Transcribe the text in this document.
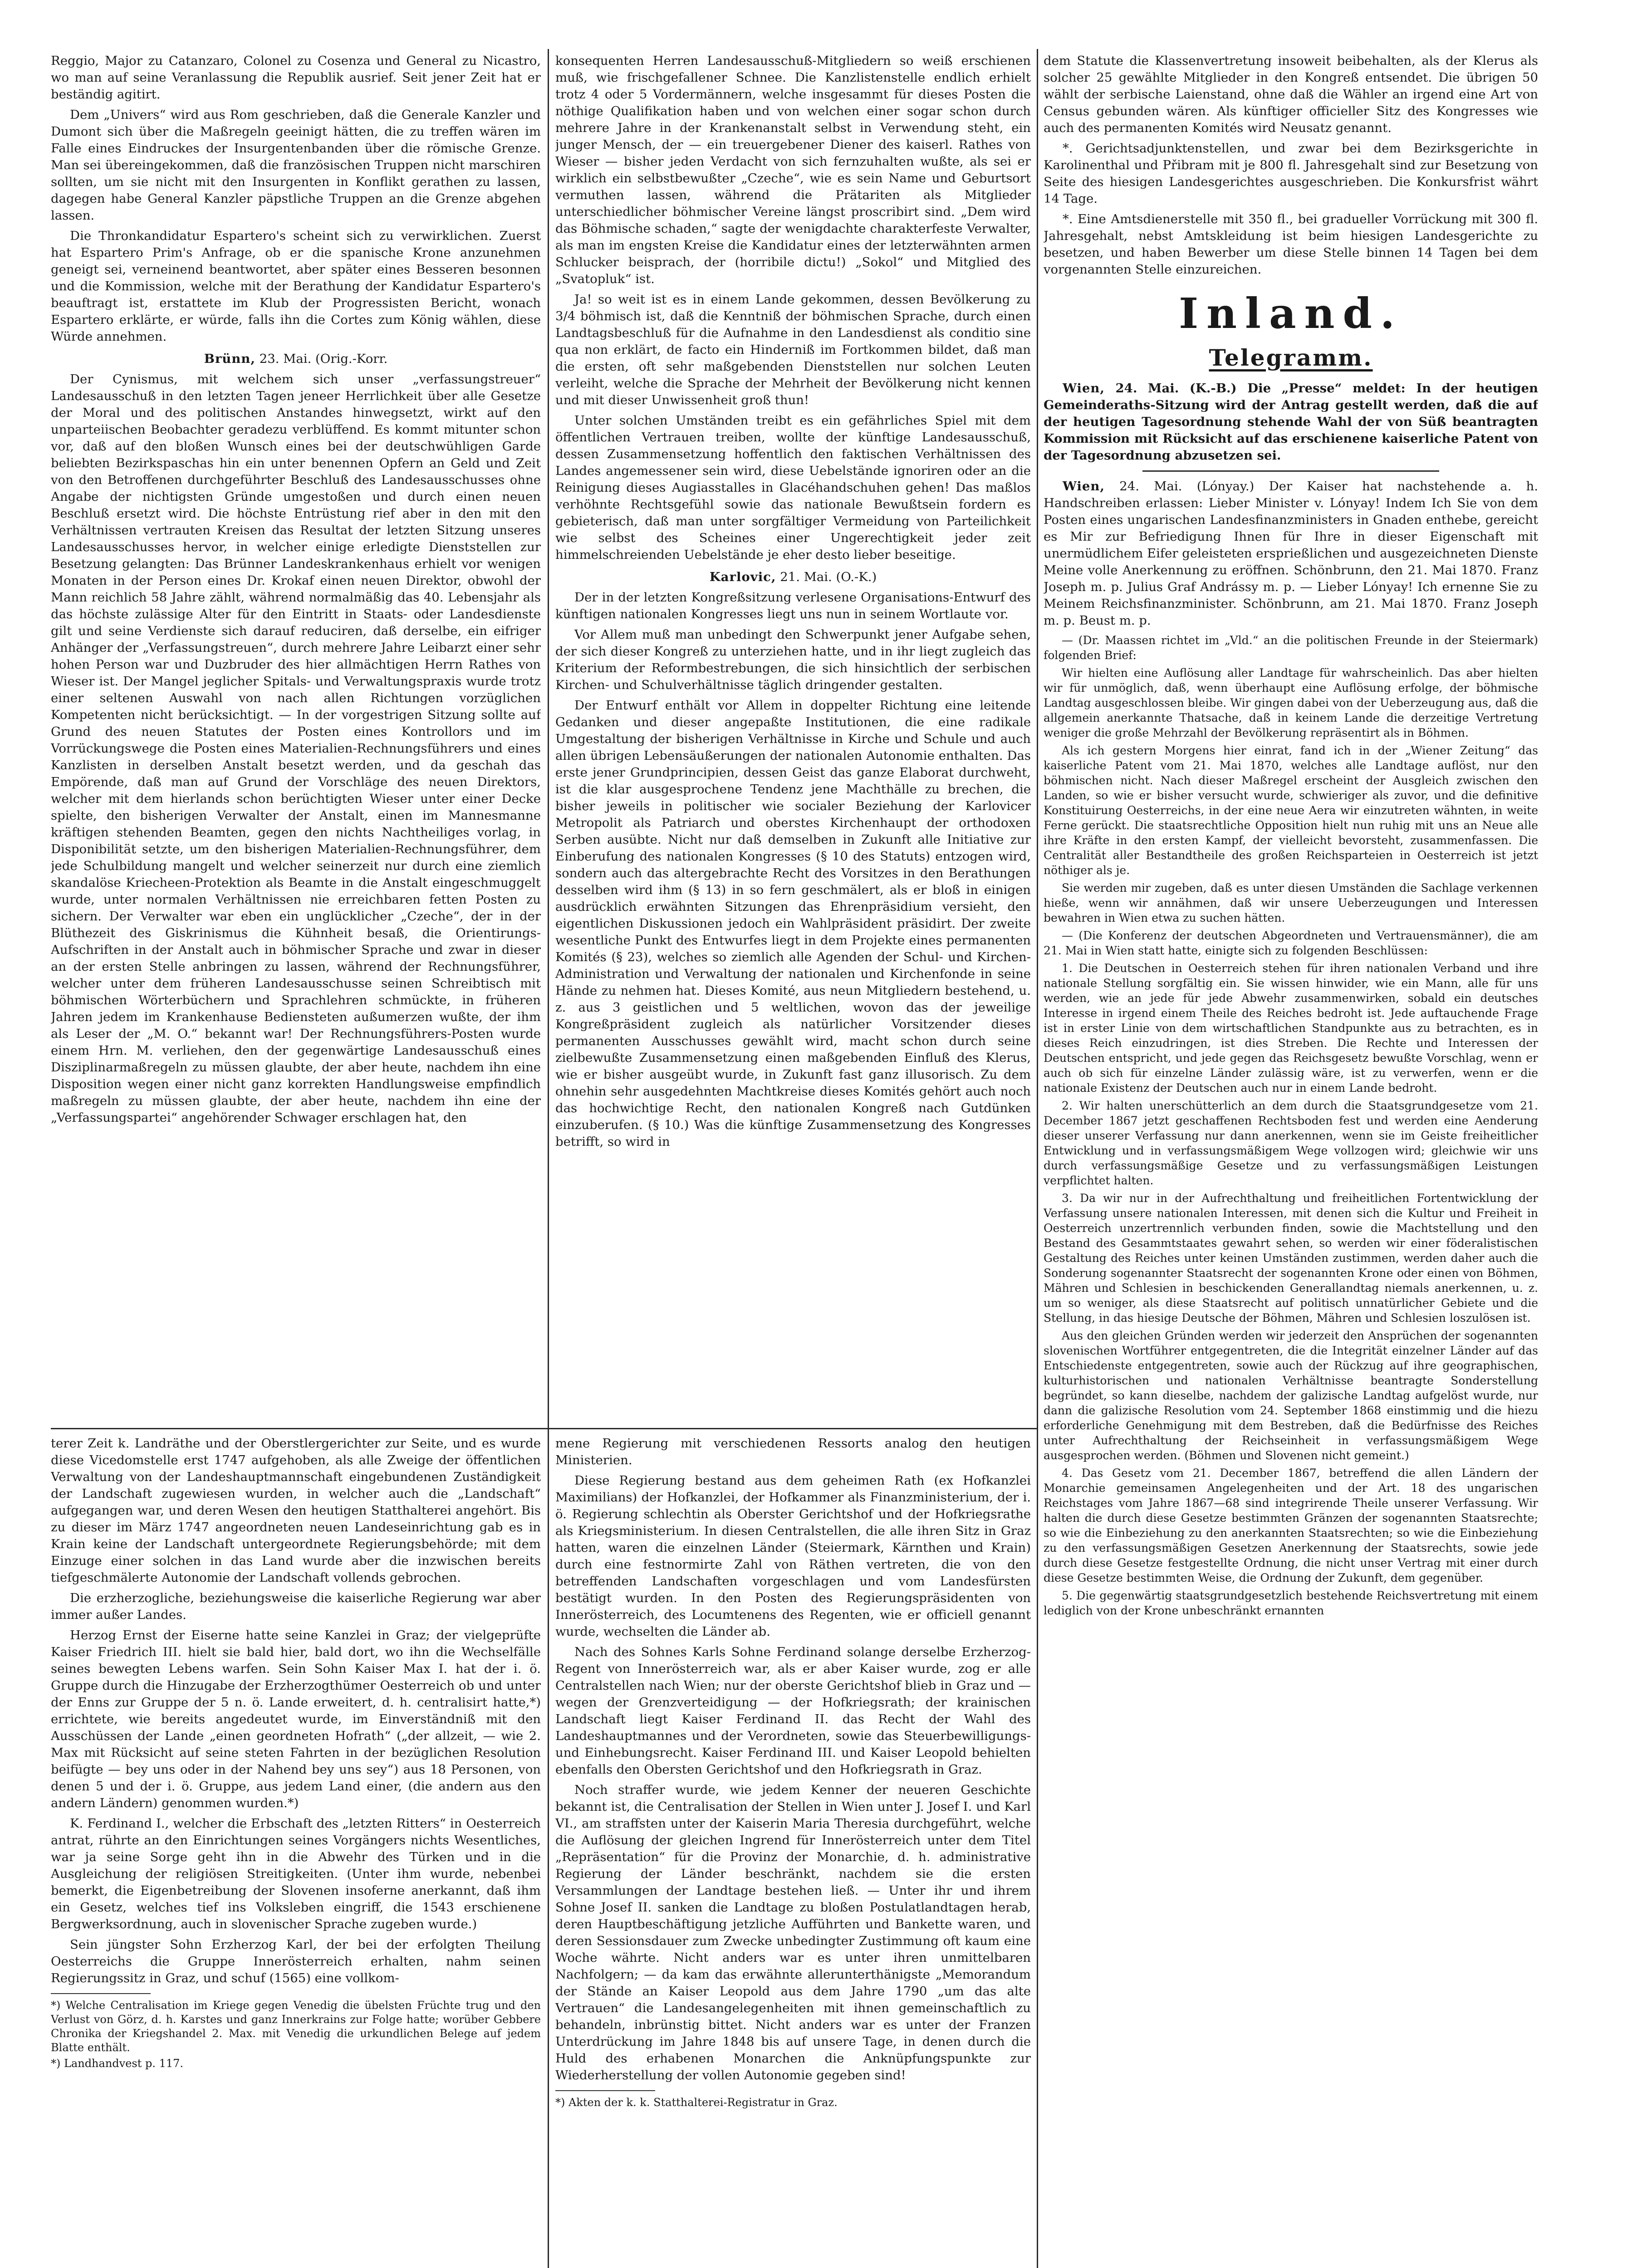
Reggio, Major zu Catanzaro, Colonel zu Cosenza und General zu Nicastro, wo man auf seine Veranlassung die Republik ausrief. Seit jener Zeit hat er beständig agitirt.

Dem „Univers“ wird aus Rom geschrieben, daß die Generale Kanzler und Dumont sich über die Maßregeln geeinigt hätten, die zu treffen wären im Falle eines Eindruckes der Insurgentenbanden über die römische Grenze. Man sei übereingekommen, daß die französischen Truppen nicht marschiren sollten, um sie nicht mit den Insurgenten in Konflikt gerathen zu lassen, dagegen habe General Kanzler päpstliche Truppen an die Grenze abgehen lassen.

Die Thronkandidatur Espartero's scheint sich zu verwirklichen. Zuerst hat Espartero Prim's Anfrage, ob er die spanische Krone anzunehmen geneigt sei, verneinend beantwortet, aber später eines Besseren besonnen und die Kommission, welche mit der Berathung der Kandidatur Espartero's beauftragt ist, erstattete im Klub der Progressisten Bericht, wonach Espartero erklärte, er würde, falls ihn die Cortes zum König wählen, diese Würde annehmen.

Brünn, 23. Mai. (Orig.-Korr.

Der Cynismus, mit welchem sich unser „verfassungstreuer“ Landesausschuß in den letzten Tagen jeneer Herrlichkeit über alle Gesetze der Moral und des politischen Anstandes hinwegsetzt, wirkt auf den unparteiischen Beobachter geradezu verblüffend. Es kommt mitunter schon vor, daß auf den bloßen Wunsch eines bei der deutschwühligen Garde beliebten Bezirkspaschas hin ein unter benennen Opfern an Geld und Zeit von den Betroffenen durchgeführter Beschluß des Landesausschusses ohne Angabe der nichtigsten Gründe umgestoßen und durch einen neuen Beschluß ersetzt wird. Die höchste Entrüstung rief aber in den mit den Verhältnissen vertrauten Kreisen das Resultat der letzten Sitzung unseres Landesausschusses hervor, in welcher einige erledigte Dienststellen zur Besetzung gelangten: Das Brünner Landeskrankenhaus erhielt vor wenigen Monaten in der Person eines Dr. Krokaf einen neuen Direktor, obwohl der Mann reichlich 58 Jahre zählt, während normalmäßig das 40. Lebensjahr als das höchste zulässige Alter für den Eintritt in Staats- oder Landesdienste gilt und seine Verdienste sich darauf reduciren, daß derselbe, ein eifriger Anhänger der „Verfassungstreuen“, durch mehrere Jahre Leibarzt einer sehr hohen Person war und Duzbruder des hier allmächtigen Herrn Rathes von Wieser ist. Der Mangel jeglicher Spitals- und Verwaltungspraxis wurde trotz einer seltenen Auswahl von nach allen Richtungen vorzüglichen Kompetenten nicht berücksichtigt. — In der vorgestrigen Sitzung sollte auf Grund des neuen Statutes der Posten eines Kontrollors und im Vorrückungswege die Posten eines Materialien-Rechnungsführers und eines Kanzlisten in derselben Anstalt besetzt werden, und da geschah das Empörende, daß man auf Grund der Vorschläge des neuen Direktors, welcher mit dem hierlands schon berüchtigten Wieser unter einer Decke spielte, den bisherigen Verwalter der Anstalt, einen im Mannesmanne kräftigen stehenden Beamten, gegen den nichts Nachtheiliges vorlag, in Disponibilität setzte, um den bisherigen Materialien-Rechnungsführer, dem jede Schulbildung mangelt und welcher seinerzeit nur durch eine ziemlich skandalöse Kriecheen-Protektion als Beamte in die Anstalt eingeschmuggelt wurde, unter normalen Verhältnissen nie erreichbaren fetten Posten zu sichern. Der Verwalter war eben ein unglücklicher „Czeche“, der in der Blüthezeit des Giskrinismus die Kühnheit besaß, die Orientirungs-Aufschriften in der Anstalt auch in böhmischer Sprache und zwar in dieser an der ersten Stelle anbringen zu lassen, während der Rechnungsführer, welcher unter dem früheren Landesausschusse seinen Schreibtisch mit böhmischen Wörterbüchern und Sprachlehren schmückte, in früheren Jahren jedem im Krankenhause Bediensteten außumerzen wußte, der ihm als Leser der „M. O.“ bekannt war! Der Rechnungsführers-Posten wurde einem Hrn. M. verliehen, den der gegenwärtige Landesausschuß eines Disziplinarmaßregeln zu müssen glaubte, der aber heute, nachdem ihn eine Disposition wegen einer nicht ganz korrekten Handlungsweise empfindlich maßregeln zu müssen glaubte, der aber heute, nachdem ihn eine der „Verfassungspartei“ angehörender Schwager erschlagen hat, den

konsequenten Herren Landesausschuß-Mitgliedern so weiß erschienen muß, wie frischgefallener Schnee. Die Kanzlistenstelle endlich erhielt trotz 4 oder 5 Vordermännern, welche insgesammt für dieses Posten die nöthige Qualifikation haben und von welchen einer sogar schon durch mehrere Jahre in der Krankenanstalt selbst in Verwendung steht, ein junger Mensch, der — ein treuergebener Diener des kaiserl. Rathes von Wieser — bisher jeden Verdacht von sich fernzuhalten wußte, als sei er wirklich ein selbstbewußter „Czeche“, wie es sein Name und Geburtsort vermuthen lassen, während die Prätariten als Mitglieder unterschiedlicher böhmischer Vereine längst proscribirt sind. „Dem wird das Böhmische schaden,“ sagte der wenigdachte charakterfeste Verwalter, als man im engsten Kreise die Kandidatur eines der letzterwähnten armen Schlucker beisprach, der (horribile dictu!) „Sokol“ und Mitglied des „Svatopluk“ ist.

Ja! so weit ist es in einem Lande gekommen, dessen Bevölkerung zu 3/4 böhmisch ist, daß die Kenntniß der böhmischen Sprache, durch einen Landtagsbeschluß für die Aufnahme in den Landesdienst als conditio sine qua non erklärt, de facto ein Hinderniß im Fortkommen bildet, daß man die ersten, oft sehr maßgebenden Dienststellen nur solchen Leuten verleiht, welche die Sprache der Mehrheit der Bevölkerung nicht kennen und mit dieser Unwissenheit groß thun!

Unter solchen Umständen treibt es ein gefährliches Spiel mit dem öffentlichen Vertrauen treiben, wollte der künftige Landesausschuß, dessen Zusammensetzung hoffentlich den faktischen Verhältnissen des Landes angemessener sein wird, diese Uebelstände ignoriren oder an die Reinigung dieses Augiasstalles in Glacéhandschuhen gehen! Das maßlos verhöhnte Rechtsgefühl sowie das nationale Bewußtsein fordern es gebieterisch, daß man unter sorgfältiger Vermeidung von Parteilichkeit wie selbst des Scheines einer Ungerechtigkeit jeder zeit himmelschreienden Uebelstände je eher desto lieber beseitige.

Karlovic, 21. Mai. (O.-K.)

Der in der letzten Kongreßsitzung verlesene Organisations-Entwurf des künftigen nationalen Kongresses liegt uns nun in seinem Wortlaute vor.

Vor Allem muß man unbedingt den Schwerpunkt jener Aufgabe sehen, der sich dieser Kongreß zu unterziehen hatte, und in ihr liegt zugleich das Kriterium der Reformbestrebungen, die sich hinsichtlich der serbischen Kirchen- und Schulverhältnisse täglich dringender gestalten.

Der Entwurf enthält vor Allem in doppelter Richtung eine leitende Gedanken und dieser angepaßte Institutionen, die eine radikale Umgestaltung der bisherigen Verhältnisse in Kirche und Schule und auch allen übrigen Lebensäußerungen der nationalen Autonomie enthalten. Das erste jener Grundprincipien, dessen Geist das ganze Elaborat durchweht, ist die klar ausgesprochene Tendenz jene Machthälle zu brechen, die bisher jeweils in politischer wie socialer Beziehung der Karlovicer Metropolit als Patriarch und oberstes Kirchenhaupt der orthodoxen Serben ausübte. Nicht nur daß demselben in Zukunft alle Initiative zur Einberufung des nationalen Kongresses (§ 10 des Statuts) entzogen wird, sondern auch das altergebrachte Recht des Vorsitzes in den Berathungen desselben wird ihm (§ 13) in so fern geschmälert, als er bloß in einigen ausdrücklich erwähnten Sitzungen das Ehrenpräsidium versieht, den eigentlichen Diskussionen jedoch ein Wahlpräsident präsidirt. Der zweite wesentliche Punkt des Entwurfes liegt in dem Projekte eines permanenten Komités (§ 23), welches so ziemlich alle Agenden der Schul- und Kirchen-Administration und Verwaltung der nationalen und Kirchenfonde in seine Hände zu nehmen hat. Dieses Komité, aus neun Mitgliedern bestehend, u. z. aus 3 geistlichen und 5 weltlichen, wovon das der jeweilige Kongreßpräsident zugleich als natürlicher Vorsitzender dieses permanenten Ausschusses gewählt wird, macht schon durch seine zielbewußte Zusammensetzung einen maßgebenden Einfluß des Klerus, wie er bisher ausgeübt wurde, in Zukunft fast ganz illusorisch. Zu dem ohnehin sehr ausgedehnten Machtkreise dieses Komités gehört auch noch das hochwichtige Recht, den nationalen Kongreß nach Gutdünken einzuberufen. (§ 10.) Was die künftige Zusammensetzung des Kongresses betrifft, so wird in

dem Statute die Klassenvertretung insoweit beibehalten, als der Klerus als solcher 25 gewählte Mitglieder in den Kongreß entsendet. Die übrigen 50 wählt der serbische Laienstand, ohne daß die Wähler an irgend eine Art von Census gebunden wären. Als künftiger officieller Sitz des Kongresses wie auch des permanenten Komités wird Neusatz genannt.

*. Gerichtsadjunktenstellen, und zwar bei dem Bezirksgerichte in Karolinenthal und Přibram mit je 800 fl. Jahresgehalt sind zur Besetzung von Seite des hiesigen Landesgerichtes ausgeschrieben. Die Konkursfrist währt 14 Tage.

*. Eine Amtsdienerstelle mit 350 fl., bei gradueller Vorrückung mit 300 fl. Jahresgehalt, nebst Amtskleidung ist beim hiesigen Landesgerichte zu besetzen, und haben Bewerber um diese Stelle binnen 14 Tagen bei dem vorgenannten Stelle einzureichen.

Inland.
Telegramm.

Wien, 24. Mai. (K.-B.) Die „Presse“ meldet: In der heutigen Gemeinderaths-Sitzung wird der Antrag gestellt werden, daß die auf der heutigen Tagesordnung stehende Wahl der von Süß beantragten Kommission mit Rücksicht auf das erschienene kaiserliche Patent von der Tagesordnung abzusetzen sei.

Wien, 24. Mai. (Lónyay.) Der Kaiser hat nachstehende a. h. Handschreiben erlassen: Lieber Minister v. Lónyay! Indem Ich Sie von dem Posten eines ungarischen Landesfinanzministers in Gnaden enthebe, gereicht es Mir zur Befriedigung Ihnen für Ihre in dieser Eigenschaft mit unermüdlichem Eifer geleisteten ersprießlichen und ausgezeichneten Dienste Meine volle Anerkennung zu eröffnen. Schönbrunn, den 21. Mai 1870. Franz Joseph m. p. Julius Graf Andrássy m. p. — Lieber Lónyay! Ich ernenne Sie zu Meinem Reichsfinanzminister. Schönbrunn, am 21. Mai 1870. Franz Joseph m. p. Beust m. p.

— (Dr. Maassen richtet im „Vld.“ an die politischen Freunde in der Steiermark) folgenden Brief:

Wir hielten eine Auflösung aller Landtage für wahrscheinlich. Das aber hielten wir für unmöglich, daß, wenn überhaupt eine Auflösung erfolge, der böhmische Landtag ausgeschlossen bleibe. Wir gingen dabei von der Ueberzeugung aus, daß die allgemein anerkannte Thatsache, daß in keinem Lande die derzeitige Vertretung weniger die große Mehrzahl der Bevölkerung repräsentirt als in Böhmen.

Als ich gestern Morgens hier einrat, fand ich in der „Wiener Zeitung“ das kaiserliche Patent vom 21. Mai 1870, welches alle Landtage auflöst, nur den böhmischen nicht. Nach dieser Maßregel erscheint der Ausgleich zwischen den Landen, so wie er bisher versucht wurde, schwieriger als zuvor, und die definitive Konstituirung Oesterreichs, in der eine neue Aera wir einzutreten wähnten, in weite Ferne gerückt. Die staatsrechtliche Opposition hielt nun ruhig mit uns an Neue alle ihre Kräfte in den ersten Kampf, der vielleicht bevorsteht, zusammenfassen. Die Centralität aller Bestandtheile des großen Reichsparteien in Oesterreich ist jetzt nöthiger als je.

Sie werden mir zugeben, daß es unter diesen Umständen die Sachlage verkennen hieße, wenn wir annähmen, daß wir unsere Ueberzeugungen und Interessen bewahren in Wien etwa zu suchen hätten.

— (Die Konferenz der deutschen Abgeordneten und Vertrauensmänner), die am 21. Mai in Wien statt hatte, einigte sich zu folgenden Beschlüssen:

1. Die Deutschen in Oesterreich stehen für ihren nationalen Verband und ihre nationale Stellung sorgfältig ein. Sie wissen hinwider, wie ein Mann, alle für uns werden, wie an jede für jede Abwehr zusammenwirken, sobald ein deutsches Interesse in irgend einem Theile des Reiches bedroht ist. Jede auftauchende Frage ist in erster Linie von dem wirtschaftlichen Standpunkte aus zu betrachten, es in dieses Reich einzudringen, ist dies Streben. Die Rechte und Interessen der Deutschen entspricht, und jede gegen das Reichsgesetz bewußte Vorschlag, wenn er auch ob sich für einzelne Länder zulässig wäre, ist zu verwerfen, wenn er die nationale Existenz der Deutschen auch nur in einem Lande bedroht.

2. Wir halten unerschütterlich an dem durch die Staatsgrundgesetze vom 21. December 1867 jetzt geschaffenen Rechtsboden fest und werden eine Aenderung dieser unserer Verfassung nur dann anerkennen, wenn sie im Geiste freiheitlicher Entwicklung und in verfassungsmäßigem Wege vollzogen wird; gleichwie wir uns durch verfassungsmäßige Gesetze und zu verfassungsmäßigen Leistungen verpflichtet halten.

3. Da wir nur in der Aufrechthaltung und freiheitlichen Fortentwicklung der Verfassung unsere nationalen Interessen, mit denen sich die Kultur und Freiheit in Oesterreich unzertrennlich verbunden finden, sowie die Machtstellung und den Bestand des Gesammtstaates gewahrt sehen, so werden wir einer föderalistischen Gestaltung des Reiches unter keinen Umständen zustimmen, werden daher auch die Sonderung sogenannter Staatsrecht der sogenannten Krone oder einen von Böhmen, Mähren und Schlesien in beschickenden Generallandtag niemals anerkennen, u. z. um so weniger, als diese Staatsrecht auf politisch unnatürlicher Gebiete und die Stellung, in das hiesige Deutsche der Böhmen, Mähren und Schlesien loszulösen ist.

Aus den gleichen Gründen werden wir jederzeit den Ansprüchen der sogenannten slovenischen Wortführer entgegentreten, die die Integrität einzelner Länder auf das Entschiedenste entgegentreten, sowie auch der Rückzug auf ihre geographischen, kulturhistorischen und nationalen Verhältnisse beantragte Sonderstellung begründet, so kann dieselbe, nachdem der galizische Landtag aufgelöst wurde, nur dann die galizische Resolution vom 24. September 1868 einstimmig und die hiezu erforderliche Genehmigung mit dem Bestreben, daß die Bedürfnisse des Reiches unter Aufrechthaltung der Reichseinheit in verfassungsmäßigem Wege ausgesprochen werden. (Böhmen und Slovenen nicht gemeint.)

4. Das Gesetz vom 21. December 1867, betreffend die allen Ländern der Monarchie gemeinsamen Angelegenheiten und der Art. 18 des ungarischen Reichstages vom Jahre 1867—68 sind integrirende Theile unserer Verfassung. Wir halten die durch diese Gesetze bestimmten Gränzen der sogenannten Staatsrechte; so wie die Einbeziehung zu den anerkannten Staatsrechten; so wie die Einbeziehung zu den verfassungsmäßigen Gesetzen Anerkennung der Staatsrechts, sowie jede durch diese Gesetze festgestellte Ordnung, die nicht unser Vertrag mit einer durch diese Gesetze bestimmten Weise, die Ordnung der Zukunft, dem gegenüber.

5. Die gegenwärtig staatsgrundgesetzlich bestehende Reichsvertretung mit einem lediglich von der Krone unbeschränkt ernannten

terer Zeit k. Landräthe und der Oberstlergerichter zur Seite, und es wurde diese Vicedomstelle erst 1747 aufgehoben, als alle Zweige der öffentlichen Verwaltung von der Landeshauptmannschaft eingebundenen Zuständigkeit der Landschaft zugewiesen wurden, in welcher auch die „Landschaft“ aufgegangen war, und deren Wesen den heutigen Statthalterei angehört. Bis zu dieser im März 1747 angeordneten neuen Landeseinrichtung gab es in Krain keine der Landschaft untergeordnete Regierungsbehörde; mit dem Einzuge einer solchen in das Land wurde aber die inzwischen bereits tiefgeschmälerte Autonomie der Landschaft vollends gebrochen.

Die erzherzogliche, beziehungsweise die kaiserliche Regierung war aber immer außer Landes.

Herzog Ernst der Eiserne hatte seine Kanzlei in Graz; der vielgeprüfte Kaiser Friedrich III. hielt sie bald hier, bald dort, wo ihn die Wechselfälle seines bewegten Lebens warfen. Sein Sohn Kaiser Max I. hat der i. ö. Gruppe durch die Hinzugabe der Erzherzogthümer Oesterreich ob und unter der Enns zur Gruppe der 5 n. ö. Lande erweitert, d. h. centralisirt hatte,*) errichtete, wie bereits angedeutet wurde, im Einverständniß mit den Ausschüssen der Lande „einen geordneten Hofrath“ („der allzeit, — wie 2. Max mit Rücksicht auf seine steten Fahrten in der bezüglichen Resolution beifügte — bey uns oder in der Nahend bey uns sey“) aus 18 Personen, von denen 5 und der i. ö. Gruppe, aus jedem Land einer, (die andern aus den andern Ländern) genommen wurden.*)

K. Ferdinand I., welcher die Erbschaft des „letzten Ritters“ in Oesterreich antrat, rührte an den Einrichtungen seines Vorgängers nichts Wesentliches, war ja seine Sorge geht ihn in die Abwehr des Türken und in die Ausgleichung der religiösen Streitigkeiten. (Unter ihm wurde, nebenbei bemerkt, die Eigenbetreibung der Slovenen insoferne anerkannt, daß ihm ein Gesetz, welches tief ins Volksleben eingriff, die 1543 erschienene Bergwerksordnung, auch in slovenischer Sprache zugeben wurde.)

Sein jüngster Sohn Erzherzog Karl, der bei der erfolgten Theilung Oesterreichs die Gruppe Innerösterreich erhalten, nahm seinen Regierungssitz in Graz, und schuf (1565) eine vollkom-

*) Welche Centralisation im Kriege gegen Venedig die übelsten Früchte trug und den Verlust von Görz, d. h. Karstes und ganz Innerkrains zur Folge hatte; worüber Gebbere Chronika der Kriegshandel 2. Max. mit Venedig die urkundlichen Belege auf jedem Blatte enthält.

*) Landhandvest p. 117.

mene Regierung mit verschiedenen Ressorts analog den heutigen Ministerien.

Diese Regierung bestand aus dem geheimen Rath (ex Hofkanzlei Maximilians) der Hofkanzlei, der Hofkammer als Finanzministerium, der i. ö. Regierung schlechtin als Oberster Gerichtshof und der Hofkriegsrathe als Kriegsministerium. In diesen Centralstellen, die alle ihren Sitz in Graz hatten, waren die einzelnen Länder (Steiermark, Kärnthen und Krain) durch eine festnormirte Zahl von Räthen vertreten, die von den betreffenden Landschaften vorgeschlagen und vom Landesfürsten bestätigt wurden. In den Posten des Regierungspräsidenten von Innerösterreich, des Locumtenens des Regenten, wie er officiell genannt wurde, wechselten die Länder ab.

Nach des Sohnes Karls Sohne Ferdinand solange derselbe Erzherzog-Regent von Innerösterreich war, als er aber Kaiser wurde, zog er alle Centralstellen nach Wien; nur der oberste Gerichtshof blieb in Graz und — wegen der Grenzverteidigung — der Hofkriegsrath; der krainischen Landschaft liegt Kaiser Ferdinand II. das Recht der Wahl des Landeshauptmannes und der Verordneten, sowie das Steuerbewilligungs- und Einhebungsrecht. Kaiser Ferdinand III. und Kaiser Leopold behielten ebenfalls den Obersten Gerichtshof und den Hofkriegsrath in Graz.

Noch straffer wurde, wie jedem Kenner der neueren Geschichte bekannt ist, die Centralisation der Stellen in Wien unter J. Josef I. und Karl VI., am straffsten unter der Kaiserin Maria Theresia durchgeführt, welche die Auflösung der gleichen Ingrend für Innerösterreich unter dem Titel „Repräsentation“ für die Provinz der Monarchie, d. h. administrative Regierung der Länder beschränkt, nachdem sie die ersten Versammlungen der Landtage bestehen ließ. — Unter ihr und ihrem Sohne Josef II. sanken die Landtage zu bloßen Postulatlandtagen herab, deren Hauptbeschäftigung jetzliche Aufführten und Bankette waren, und deren Sessionsdauer zum Zwecke unbedingter Zustimmung oft kaum eine Woche währte. Nicht anders war es unter ihren unmittelbaren Nachfolgern; — da kam das erwähnte allerunterthänigste „Memorandum der Stände an Kaiser Leopold aus dem Jahre 1790 „um das alte Vertrauen“ die Landesangelegenheiten mit ihnen gemeinschaftlich zu behandeln, inbrünstig bittet. Nicht anders war es unter der Franzen Unterdrückung im Jahre 1848 bis auf unsere Tage, in denen durch die Huld des erhabenen Monarchen die Anknüpfungspunkte zur Wiederherstellung der vollen Autonomie gegeben sind!

*) Akten der k. k. Statthalterei-Registratur in Graz.
